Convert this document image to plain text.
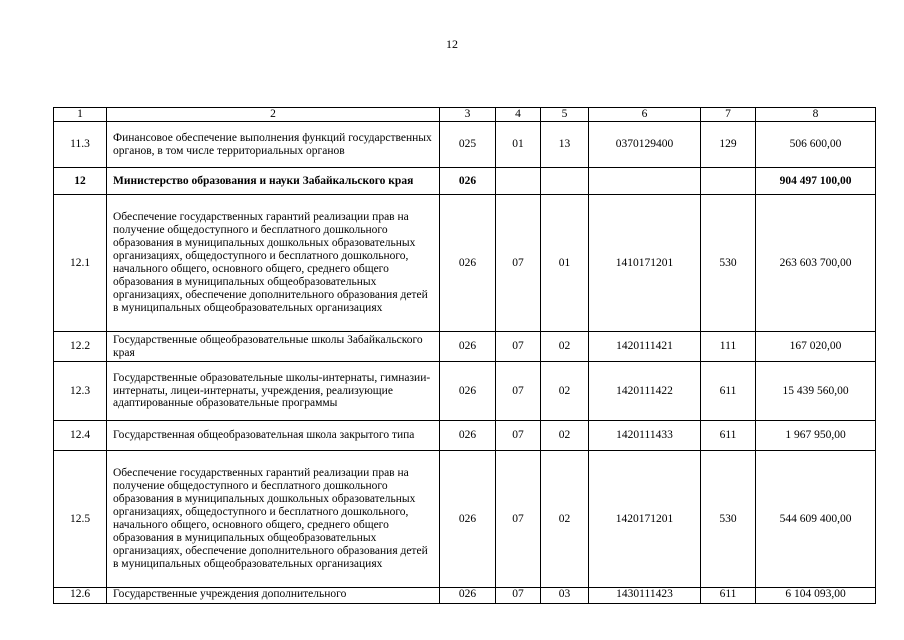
12
1	2	3	4	5	6	7	8
11.3	Финансовое обеспечение выполнения функций государственных органов, в том числе территориальных органов	025	01	13	0370129400	129	506 600,00
12	Министерство образования и науки Забайкальского края	026					904 497 100,00
12.1	Обеспечение государственных гарантий реализации прав на получение общедоступного и бесплатного дошкольного образования в муниципальных дошкольных образовательных организациях, общедоступного и бесплатного дошкольного, начального общего, основного общего, среднего общего образования в муниципальных общеобразовательных организациях, обеспечение дополнительного образования детей в муниципальных общеобразовательных организациях	026	07	01	1410171201	530	263 603 700,00
12.2	Государственные общеобразовательные школы Забайкальского края	026	07	02	1420111421	111	167 020,00
12.3	Государственные образовательные школы-интернаты, гимназии-интернаты, лицеи-интернаты, учреждения, реализующие адаптированные образовательные программы	026	07	02	1420111422	611	15 439 560,00
12.4	Государственная общеобразовательная школа закрытого типа	026	07	02	1420111433	611	1 967 950,00
12.5	Обеспечение государственных гарантий реализации прав на получение общедоступного и бесплатного дошкольного образования в муниципальных дошкольных образовательных организациях, общедоступного и бесплатного дошкольного, начального общего, основного общего, среднего общего образования в муниципальных общеобразовательных организациях, обеспечение дополнительного образования детей в муниципальных общеобразовательных организациях	026	07	02	1420171201	530	544 609 400,00
12.6	Государственные учреждения дополнительного	026	07	03	1430111423	611	6 104 093,00
